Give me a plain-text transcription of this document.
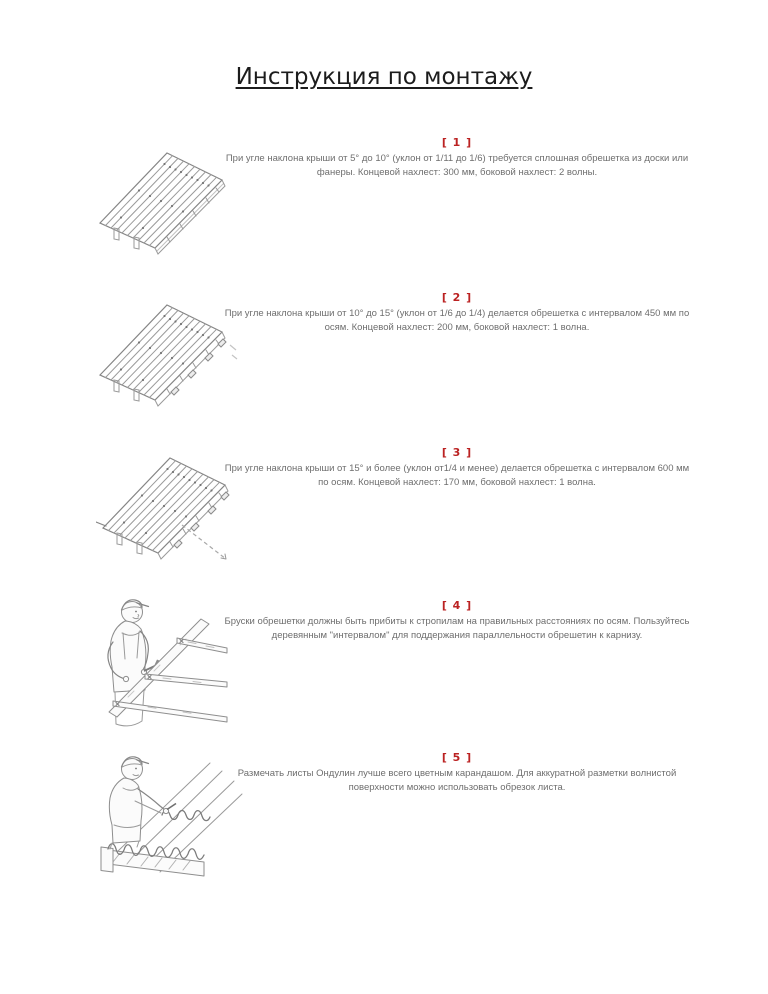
Инструкция по монтажу
[ 1 ]
При угле наклона крыши от 5° до 10° (уклон от 1/11 до 1/6) требуется сплошная обрешетка из доски или фанеры. Концевой нахлест: 300 мм, боковой нахлест: 2 волны.
[ 2 ]
При угле наклона крыши от 10° до 15° (уклон от 1/6 до 1/4) делается обрешетка с интервалом 450 мм по осям. Концевой нахлест: 200 мм, боковой нахлест: 1 волна.
[ 3 ]
При угле наклона крыши от 15° и более (уклон от1/4 и менее) делается обрешетка с интервалом 600 мм по осям. Концевой нахлест: 170 мм, боковой нахлест: 1 волна.
[ 4 ]
Бруски обрешетки должны быть прибиты к стропилам на правильных расстояниях по осям. Пользуйтесь деревянным "интервалом" для поддержания параллельности обрешетин к карнизу.
[ 5 ]
Размечать листы Ондулин лучше всего цветным карандашом. Для аккуратной разметки волнистой поверхности можно использовать обрезок листа.
